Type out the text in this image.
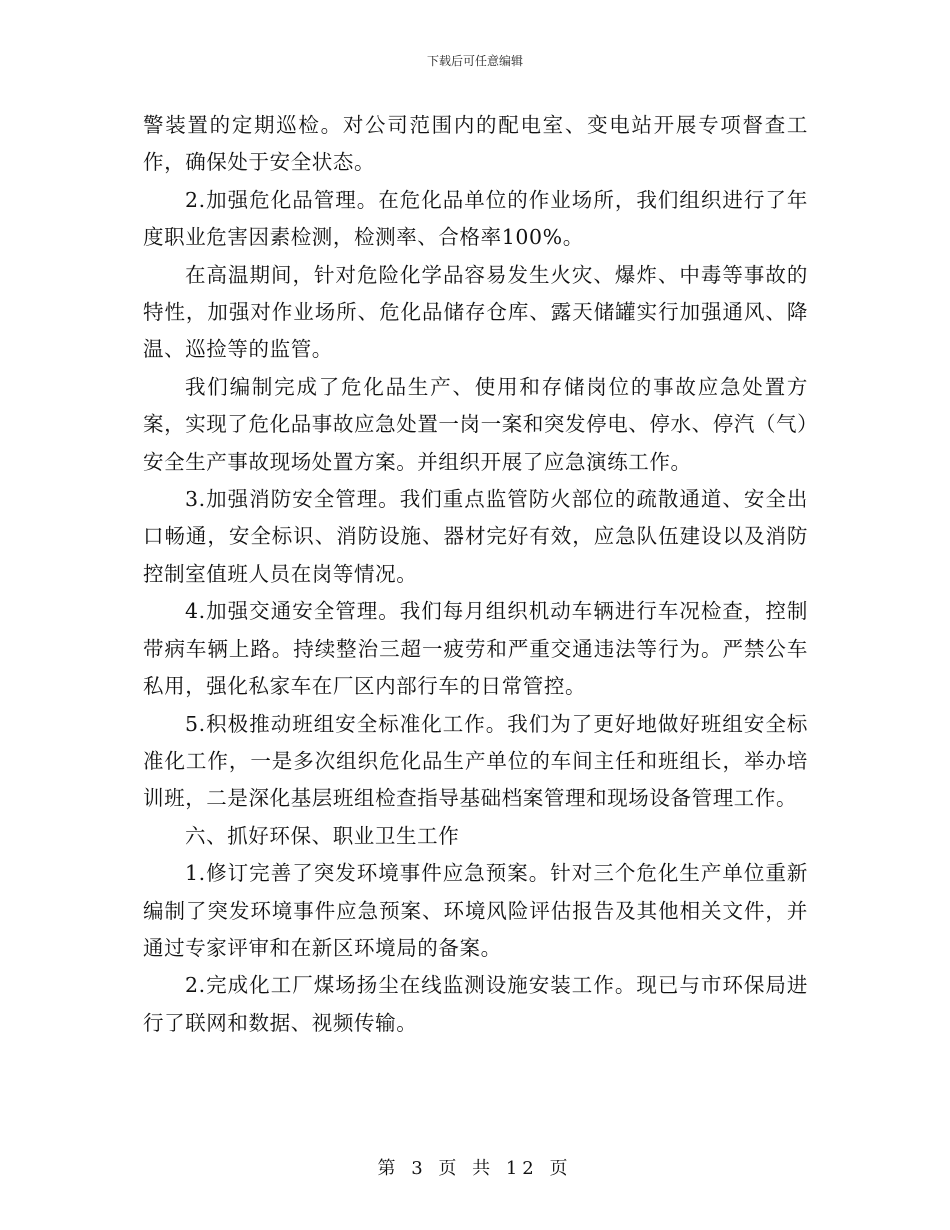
下载后可任意编辑

警装置的定期巡检。对公司范围内的配电室、变电站开展专项督查工作，确保处于安全状态。

2.加强危化品管理。在危化品单位的作业场所，我们组织进行了年度职业危害因素检测，检测率、合格率100%。

在高温期间，针对危险化学品容易发生火灾、爆炸、中毒等事故的特性，加强对作业场所、危化品储存仓库、露天储罐实行加强通风、降温、巡捡等的监管。

我们编制完成了危化品生产、使用和存储岗位的事故应急处置方案，实现了危化品事故应急处置一岗一案和突发停电、停水、停汽（气）安全生产事故现场处置方案。并组织开展了应急演练工作。

3.加强消防安全管理。我们重点监管防火部位的疏散通道、安全出口畅通，安全标识、消防设施、器材完好有效，应急队伍建设以及消防控制室值班人员在岗等情况。

4.加强交通安全管理。我们每月组织机动车辆进行车况检查，控制带病车辆上路。持续整治三超一疲劳和严重交通违法等行为。严禁公车私用，强化私家车在厂区内部行车的日常管控。

5.积极推动班组安全标准化工作。我们为了更好地做好班组安全标准化工作，一是多次组织危化品生产单位的车间主任和班组长，举办培训班，二是深化基层班组检查指导基础档案管理和现场设备管理工作。

六、抓好环保、职业卫生工作

1.修订完善了突发环境事件应急预案。针对三个危化生产单位重新编制了突发环境事件应急预案、环境风险评估报告及其他相关文件，并通过专家评审和在新区环境局的备案。

2.完成化工厂煤场扬尘在线监测设施安装工作。现已与市环保局进行了联网和数据、视频传输。

第 3 页 共 12 页
